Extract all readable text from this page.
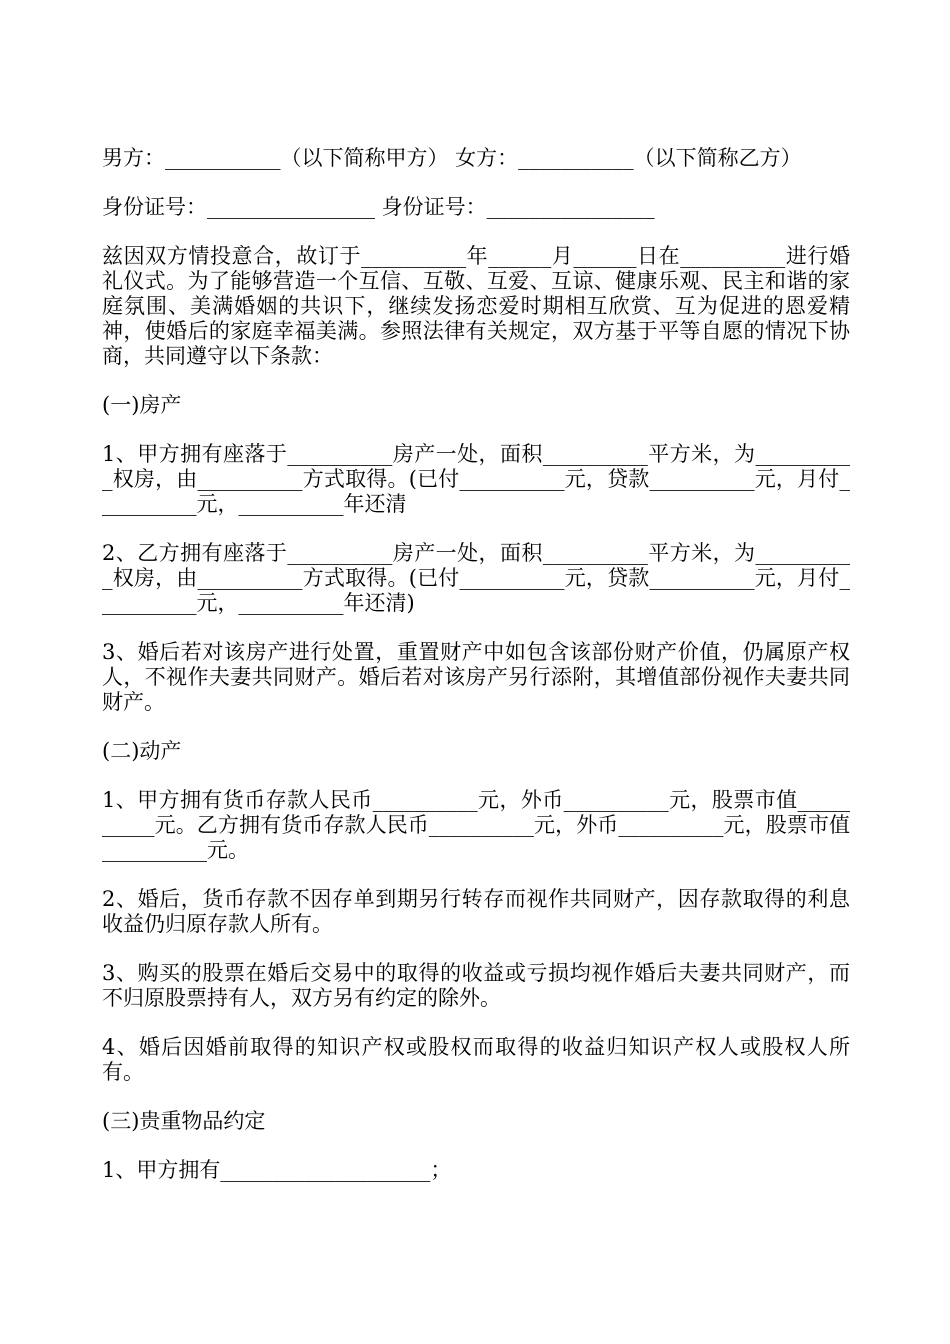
男方：___________（以下简称甲方） 女方：___________（以下简称乙方）

身份证号：________________ 身份证号：________________

兹因双方情投意合，故订于__________年______月______日在__________进行婚礼仪式。为了能够营造一个互信、互敬、互爱、互谅、健康乐观、民主和谐的家庭氛围、美满婚姻的共识下，继续发扬恋爱时期相互欣赏、互为促进的恩爱精神，使婚后的家庭幸福美满。参照法律有关规定，双方基于平等自愿的情况下协商，共同遵守以下条款：

(一)房产

1、甲方拥有座落于__________房产一处，面积__________平方米，为__________权房，由__________方式取得。(已付__________元，贷款__________元，月付__________元，__________年还清

2、乙方拥有座落于__________房产一处，面积__________平方米，为__________权房，由__________方式取得。(已付__________元，贷款__________元，月付__________元，__________年还清)

3、婚后若对该房产进行处置，重置财产中如包含该部份财产价值，仍属原产权人，不视作夫妻共同财产。婚后若对该房产另行添附，其增值部份视作夫妻共同财产。

(二)动产

1、甲方拥有货币存款人民币__________元，外币__________元，股票市值__________元。乙方拥有货币存款人民币__________元，外币__________元，股票市值__________元。

2、婚后，货币存款不因存单到期另行转存而视作共同财产，因存款取得的利息收益仍归原存款人所有。

3、购买的股票在婚后交易中的取得的收益或亏损均视作婚后夫妻共同财产，而不归原股票持有人，双方另有约定的除外。

4、婚后因婚前取得的知识产权或股权而取得的收益归知识产权人或股权人所有。

(三)贵重物品约定

1、甲方拥有____________________；
